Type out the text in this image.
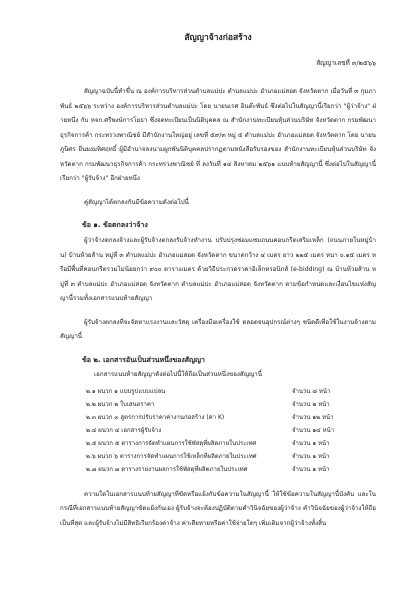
สัญญาจ้างก่อสร้าง
สัญญาเลขที่ ๓/๒๕๖๖

สัญญาฉบับนี้ทำขึ้น ณ องค์การบริหารส่วนตำบลแม่ปะ ตำบลแม่ปะ อำเภอแม่สอด จังหวัดตาก เมื่อวันที่ ๓ กุมภาพันธ์ ๒๕๖๖ ระหว่าง องค์การบริหารส่วนตำบลแม่ปะ โดย นายนเรศ อินต๊ะพันธ์ ซึ่งต่อไปในสัญญานี้เรียกว่า "ผู้ว่าจ้าง" ฝ่ายหนึ่ง กับ หจก.ศรีพงษ์การโยธา ซึ่งจดทะเบียนเป็นนิติบุคคล ณ สำนักงานทะเบียนหุ้นส่วนบริษัท จังหวัดตาก กรมพัฒนาธุรกิจการค้า กระทรวงพาณิชย์ มีสำนักงานใหญ่อยู่ เลขที่ ๕๙/๓ หมู่ ๕ ตำบลแม่ปะ อำเภอแม่สอด จังหวัดตาก โดย นายนภูนิศร ยืนยงมหิศฤทธิ์ ผู้มีอำนาจลงนามผูกพันนิติบุคคลปรากฏตามหนังสือรับรองของ สำนักงานทะเบียนหุ้นส่วนบริษัท จังหวัดตาก กรมพัฒนาธุรกิจการค้า กระทรวงพาณิชย์ ที่ ลงวันที่ ๑๔ สิงหาคม ๒๕๖๑ แนบท้ายสัญญานี้ ซึ่งต่อไปในสัญญานี้เรียกว่า "ผู้รับจ้าง" อีกฝ่ายหนึ่ง

คู่สัญญาได้ตกลงกันมีข้อความดังต่อไปนี้

ข้อ ๑. ข้อตกลงว่าจ้าง

ผู้ว่าจ้างตกลงจ้างและผู้รับจ้างตกลงรับจ้างทำงาน ปรับปรุงซ่อมแซมถนนคอนกรีตเสริมเหล็ก (ถนนภายในหมู่บ้าน) บ้านห้วยส้าน หมู่ที่ ๓ ตำบลแม่ปะ อำเภอแม่สอด จังหวัดตาก ขนาดกว้าง ๔ เมตร ยาว ๒๒๕ เมตร หนา ๐.๑๕ เมตร หรือมีพื้นที่คอนกรีตรวมไม่น้อยกว่า ๙๐๐ ตารางเมตร ด้วยวิธีประกวดราคาอิเล็กทรอนิกส์ (e-bidding) ณ บ้านห้วยส้าน หมู่ที่ ๓ ตำบลแม่ปะ อำเภอแม่สอด จังหวัดตาก ตำบลแม่ปะ อำเภอแม่สอด จังหวัดตาก ตามข้อกำหนดและเงื่อนไขแห่งสัญญานี้รวมทั้งเอกสารแนบท้ายสัญญา

ผู้รับจ้างตกลงที่จะจัดหาแรงงานและวัสดุ เครื่องมือเครื่องใช้ ตลอดจนอุปกรณ์ต่างๆ ชนิดดีเพื่อใช้ในงานจ้างตามสัญญานี้

ข้อ ๒. เอกสารอันเป็นส่วนหนึ่งของสัญญา
เอกสารแนบท้ายสัญญาดังต่อไปนี้ให้ถือเป็นส่วนหนึ่งของสัญญานี้
๒.๑ ผนวก ๑ แบบรูปแบบแปลน	จำนวน ๘ หน้า
๒.๒ ผนวก ๒ ใบเสนอราคา	จำนวน ๒ หน้า
๒.๓ ผนวก ๓ สูตรการปรับราคาค่างานก่อสร้าง (ค่า K)	จำนวน ๑๒ หน้า
๒.๔ ผนวก ๔ เอกสารผู้รับจ้าง	จำนวน ๑๔ หน้า
๒.๕ ผนวก ๕ ตารางการจัดทำแผนการใช้พัสดุที่ผลิตภายในประเทศ	จำนวน ๑ หน้า
๒.๖ ผนวก ๖ ตารางการจัดทำแผนการใช้เหล็กที่ผลิตภายในประเทศ	จำนวน ๑ หน้า
๒.๗ ผนวก ๗ ตารางรายงานผลการใช้พัสดุที่ผลิตภายในประเทศ	จำนวน ๑ หน้า

ความใดในเอกสารแนบท้ายสัญญาที่ขัดหรือแย้งกับข้อความในสัญญานี้ ให้ใช้ข้อความในสัญญานี้บังคับ และในกรณีที่เอกสารแนบท้ายสัญญาขัดแย้งกันเอง ผู้รับจ้างจะต้องปฏิบัติตามคำวินิจฉัยของผู้ว่าจ้าง คำวินิจฉัยของผู้ว่าจ้างให้ถือเป็นที่สุด และผู้รับจ้างไม่มีสิทธิเรียกร้องค่าจ้าง ค่าเสียหายหรือค่าใช้จ่ายใดๆ เพิ่มเติมจากผู้ว่าจ้างทั้งสิ้น
